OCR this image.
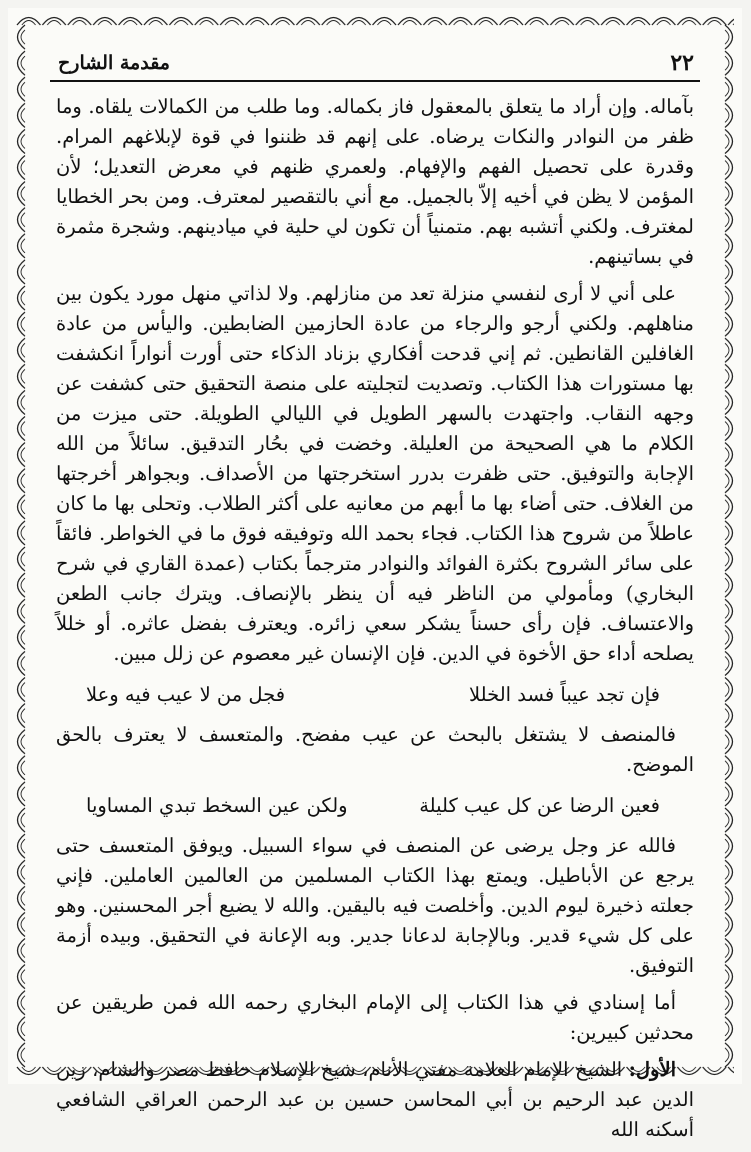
٢٢
مقدمة الشارح

بآماله. وإن أراد ما يتعلق بالمعقول فاز بكماله. وما طلب من الكمالات يلقاه. وما ظفر من النوادر والنكات يرضاه. على إنهم قد ظننوا في قوة لإبلاغهم المرام. وقدرة على تحصيل الفهم والإفهام. ولعمري ظنهم في معرض التعديل؛ لأن المؤمن لا يظن في أخيه إلاّ بالجميل. مع أني بالتقصير لمعترف. ومن بحر الخطايا لمغترف. ولكني أتشبه بهم. متمنياً أن تكون لي حلية في ميادينهم. وشجرة مثمرة في بساتينهم.

على أني لا أرى لنفسي منزلة تعد من منازلهم. ولا لذاتي منهل مورد يكون بين مناهلهم. ولكني أرجو والرجاء من عادة الحازمين الضابطين. واليأس من عادة الغافلين القانطين. ثم إني قدحت أفكاري بزناد الذكاء حتى أورت أنواراً انكشفت بها مستورات هذا الكتاب. وتصديت لتجليته على منصة التحقيق حتى كشفت عن وجهه النقاب. واجتهدت بالسهر الطويل في الليالي الطويلة. حتى ميزت من الكلام ما هي الصحيحة من العليلة. وخضت في بحُار التدقيق. سائلاً من الله الإجابة والتوفيق. حتى ظفرت بدرر استخرجتها من الأصداف. وبجواهر أخرجتها من الغلاف. حتى أضاء بها ما أبهم من معانيه على أكثر الطلاب. وتحلى بها ما كان عاطلاً من شروح هذا الكتاب. فجاء بحمد الله وتوفيقه فوق ما في الخواطر. فائقاً على سائر الشروح بكثرة الفوائد والنوادر مترجماً بكتاب (عمدة القاري في شرح البخاري) ومأمولي من الناظر فيه أن ينظر بالإنصاف. ويترك جانب الطعن والاعتساف. فإن رأى حسناً يشكر سعي زائره. ويعترف بفضل عاثره. أو خللاً يصلحه أداء حق الأخوة في الدين. فإن الإنسان غير معصوم عن زلل مبين.

فإن تجد عيباً فسد الخللا
فجل من لا عيب فيه وعلا

فالمنصف لا يشتغل بالبحث عن عيب مفضح. والمتعسف لا يعترف بالحق الموضح.

فعين الرضا عن كل عيب كليلة
ولكن عين السخط تبدي المساويا

فالله عز وجل يرضى عن المنصف في سواء السبيل. ويوفق المتعسف حتى يرجع عن الأباطيل. ويمتع بهذا الكتاب المسلمين من العالمين العاملين. فإني جعلته ذخيرة ليوم الدين. وأخلصت فيه باليقين. والله لا يضيع أجر المحسنين. وهو على كل شيء قدير. وبالإجابة لدعانا جدير. وبه الإعانة في التحقيق. وبيده أزمة التوفيق.

أما إسنادي في هذا الكتاب إلى الإمام البخاري رحمه الله فمن طريقين عن محدثين كبيرين:

الأول: الشيخ الإمام العلامة مفتي الأنام، شيخ الإسلام حافظ مصر والشام، زين الدين عبد الرحيم بن أبي المحاسن حسين بن عبد الرحمن العراقي الشافعي أسكنه الله
